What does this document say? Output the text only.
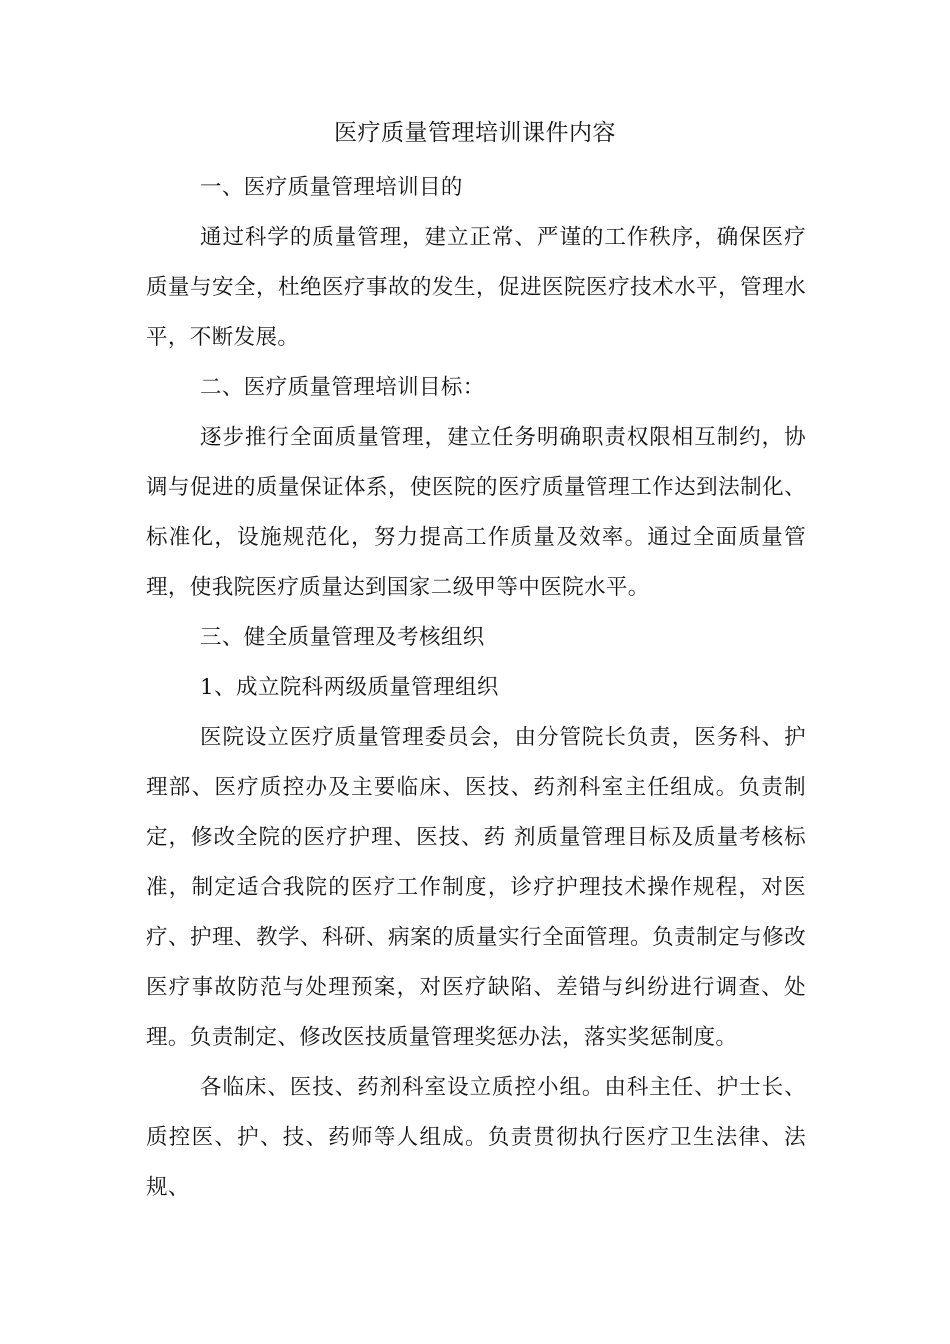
医疗质量管理培训课件内容

一、医疗质量管理培训目的

通过科学的质量管理，建立正常、严谨的工作秩序，确保医疗质量与安全，杜绝医疗事故的发生，促进医院医疗技术水平，管理水平，不断发展。

二、医疗质量管理培训目标：

逐步推行全面质量管理，建立任务明确职责权限相互制约，协调与促进的质量保证体系，使医院的医疗质量管理工作达到法制化、标准化，设施规范化，努力提高工作质量及效率。通过全面质量管理，使我院医疗质量达到国家二级甲等中医院水平。

三、健全质量管理及考核组织

1、成立院科两级质量管理组织

医院设立医疗质量管理委员会，由分管院长负责，医务科、护理部、医疗质控办及主要临床、医技、药剂科室主任组成。负责制定，修改全院的医疗护理、医技、药 剂质量管理目标及质量考核标准，制定适合我院的医疗工作制度，诊疗护理技术操作规程，对医疗、护理、教学、科研、病案的质量实行全面管理。负责制定与修改 医疗事故防范与处理预案，对医疗缺陷、差错与纠纷进行调查、处理。负责制定、修改医技质量管理奖惩办法，落实奖惩制度。

各临床、医技、药剂科室设立质控小组。由科主任、护士长、质控医、护、技、药师等人组成。负责贯彻执行医疗卫生法律、法规、
